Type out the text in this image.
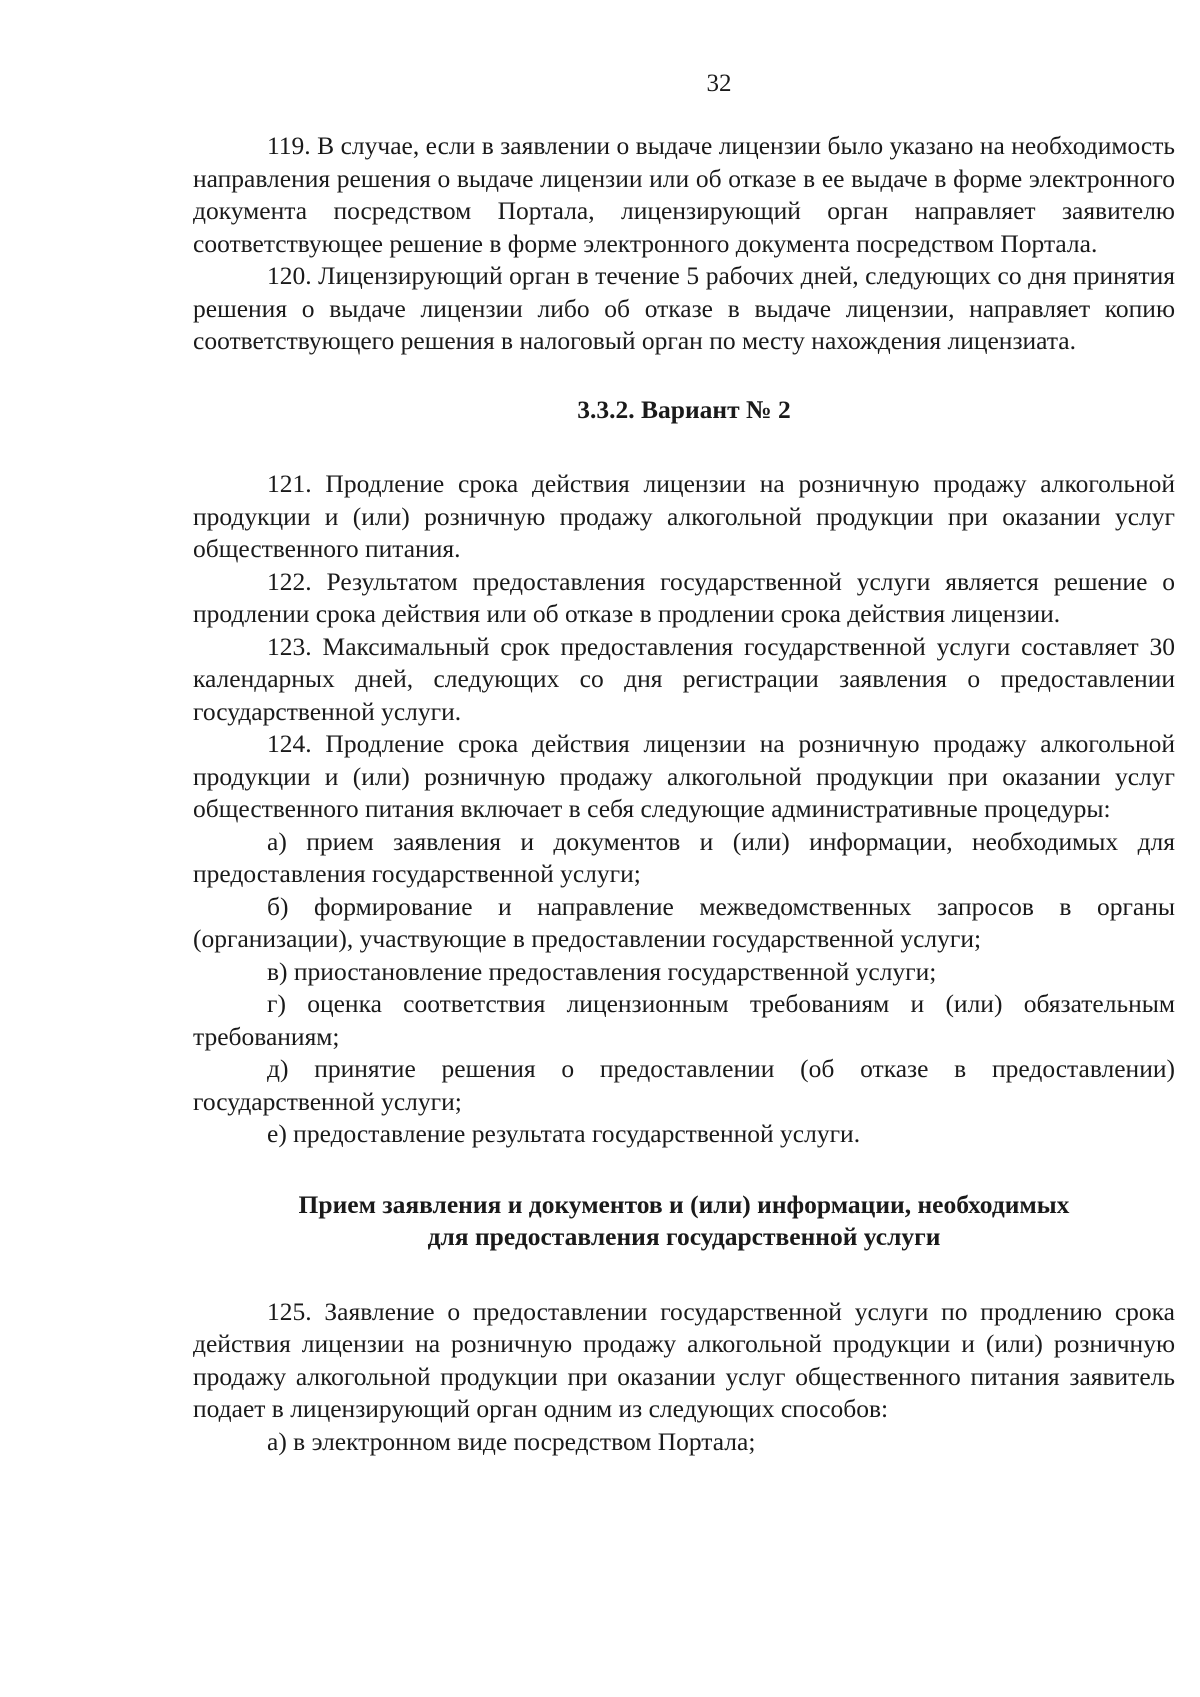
32

119. В случае, если в заявлении о выдаче лицензии было указано на необходимость направления решения о выдаче лицензии или об отказе в ее выдаче в форме электронного документа посредством Портала, лицензирующий орган направляет заявителю соответствующее решение в форме электронного документа посредством Портала.

120. Лицензирующий орган в течение 5 рабочих дней, следующих со дня принятия решения о выдаче лицензии либо об отказе в выдаче лицензии, направляет копию соответствующего решения в налоговый орган по месту нахождения лицензиата.

3.3.2. Вариант № 2

121. Продление срока действия лицензии на розничную продажу алкогольной продукции и (или) розничную продажу алкогольной продукции при оказании услуг общественного питания.

122. Результатом предоставления государственной услуги является решение о продлении срока действия или об отказе в продлении срока действия лицензии.

123. Максимальный срок предоставления государственной услуги составляет 30 календарных дней, следующих со дня регистрации заявления о предоставлении государственной услуги.

124. Продление срока действия лицензии на розничную продажу алкогольной продукции и (или) розничную продажу алкогольной продукции при оказании услуг общественного питания включает в себя следующие административные процедуры:

а) прием заявления и документов и (или) информации, необходимых для предоставления государственной услуги;

б) формирование и направление межведомственных запросов в органы (организации), участвующие в предоставлении государственной услуги;

в) приостановление предоставления государственной услуги;

г) оценка соответствия лицензионным требованиям и (или) обязательным требованиям;

д) принятие решения о предоставлении (об отказе в предоставлении) государственной услуги;

е) предоставление результата государственной услуги.

Прием заявления и документов и (или) информации, необходимых
для предоставления государственной услуги

125. Заявление о предоставлении государственной услуги по продлению срока действия лицензии на розничную продажу алкогольной продукции и (или) розничную продажу алкогольной продукции при оказании услуг общественного питания заявитель подает в лицензирующий орган одним из следующих способов:

а) в электронном виде посредством Портала;
